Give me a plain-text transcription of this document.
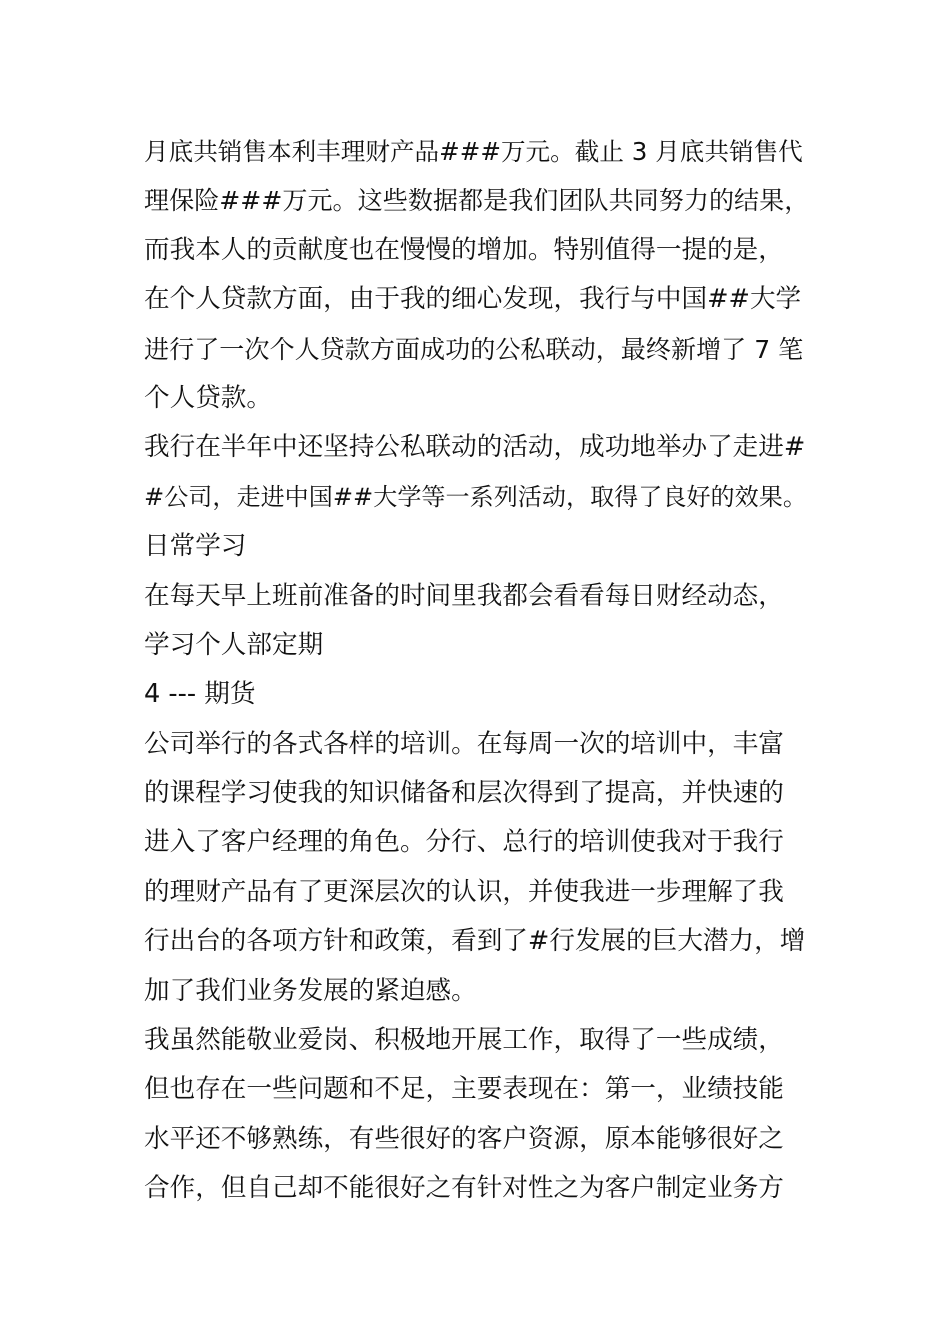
月底共销售本利丰理财产品###万元。截止 3 月底共销售代
理保险###万元。这些数据都是我们团队共同努力的结果，
而我本人的贡献度也在慢慢的增加。特别值得一提的是，
在个人贷款方面，由于我的细心发现，我行与中国##大学
进行了一次个人贷款方面成功的公私联动，最终新增了 7 笔
个人贷款。
我行在半年中还坚持公私联动的活动，成功地举办了走进#
#公司，走进中国##大学等一系列活动，取得了良好的效果。
日常学习
在每天早上班前准备的时间里我都会看看每日财经动态，
学习个人部定期
4 --- 期货
公司举行的各式各样的培训。在每周一次的培训中，丰富
的课程学习使我的知识储备和层次得到了提高，并快速的
进入了客户经理的角色。分行、总行的培训使我对于我行
的理财产品有了更深层次的认识，并使我进一步理解了我
行出台的各项方针和政策，看到了#行发展的巨大潜力，增
加了我们业务发展的紧迫感。
我虽然能敬业爱岗、积极地开展工作，取得了一些成绩，
但也存在一些问题和不足，主要表现在：第一，业绩技能
水平还不够熟练，有些很好的客户资源，原本能够很好之
合作，但自己却不能很好之有针对性之为客户制定业务方
